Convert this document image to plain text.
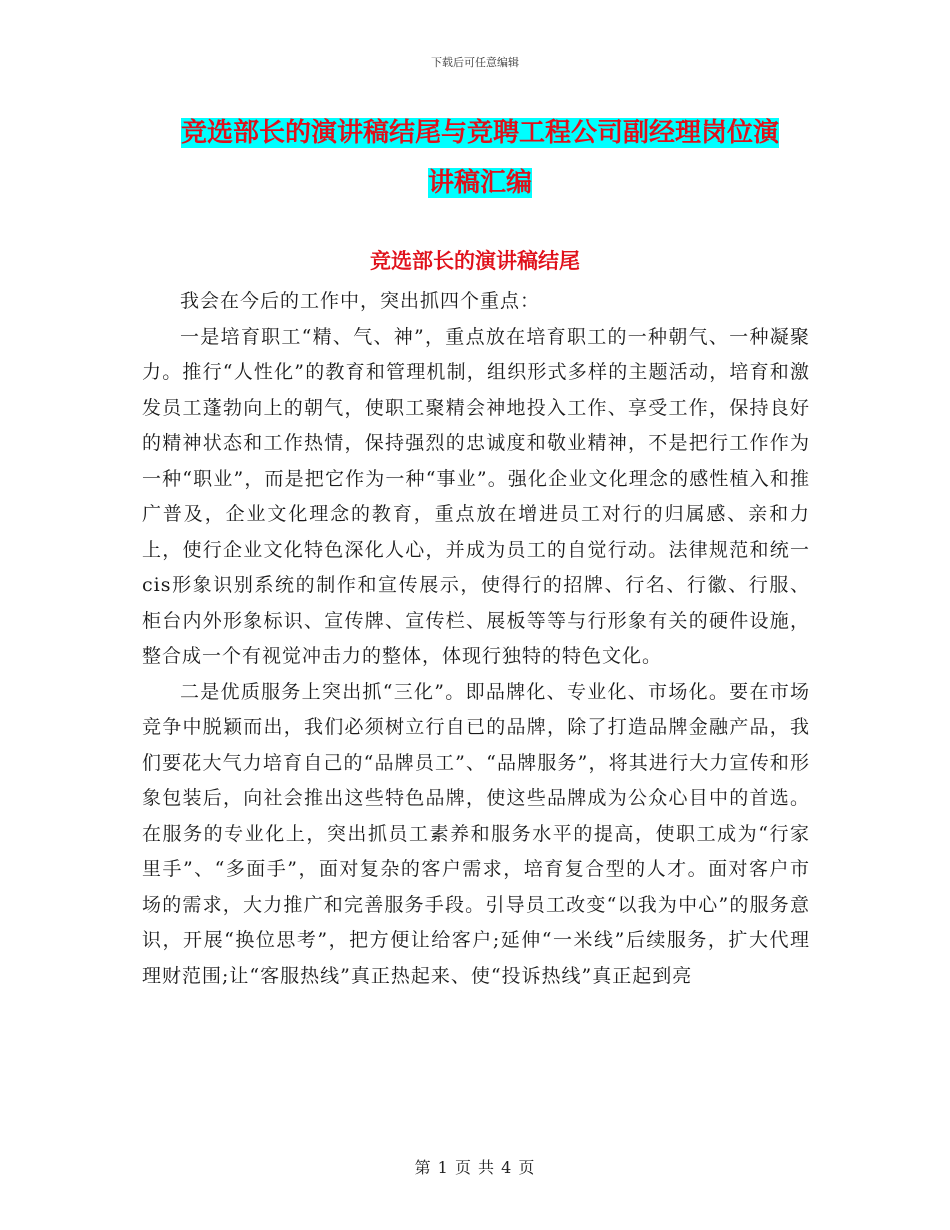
下载后可任意编辑
竞选部长的演讲稿结尾与竞聘工程公司副经理岗位演
讲稿汇编
竞选部长的演讲稿结尾

我会在今后的工作中，突出抓四个重点：

一是培育职工“精、气、神”，重点放在培育职工的一种朝气、一种凝聚力。推行“人性化”的教育和管理机制，组织形式多样的主题活动，培育和激发员工蓬勃向上的朝气，使职工聚精会神地投入工作、享受工作，保持良好的精神状态和工作热情，保持强烈的忠诚度和敬业精神，不是把行工作作为一种“职业”，而是把它作为一种“事业”。强化企业文化理念的感性植入和推广普及，企业文化理念的教育，重点放在增进员工对行的归属感、亲和力上，使行企业文化特色深化人心，并成为员工的自觉行动。法律规范和统一cis形象识别系统的制作和宣传展示，使得行的招牌、行名、行徽、行服、柜台内外形象标识、宣传牌、宣传栏、展板等等与行形象有关的硬件设施，整合成一个有视觉冲击力的整体，体现行独特的特色文化。

二是优质服务上突出抓“三化”。即品牌化、专业化、市场化。要在市场竞争中脱颖而出，我们必须树立行自已的品牌，除了打造品牌金融产品，我们要花大气力培育自己的“品牌员工”、“品牌服务”，将其进行大力宣传和形象包装后，向社会推出这些特色品牌，使这些品牌成为公众心目中的首选。在服务的专业化上，突出抓员工素养和服务水平的提高，使职工成为“行家里手”、“多面手”，面对复杂的客户需求，培育复合型的人才。面对客户市场的需求，大力推广和完善服务手段。引导员工改变“以我为中心”的服务意识，开展“换位思考”，把方便让给客户;延伸“一米线”后续服务，扩大代理理财范围;让“客服热线”真正热起来、使“投诉热线”真正起到亮

第 1 页 共 4 页
